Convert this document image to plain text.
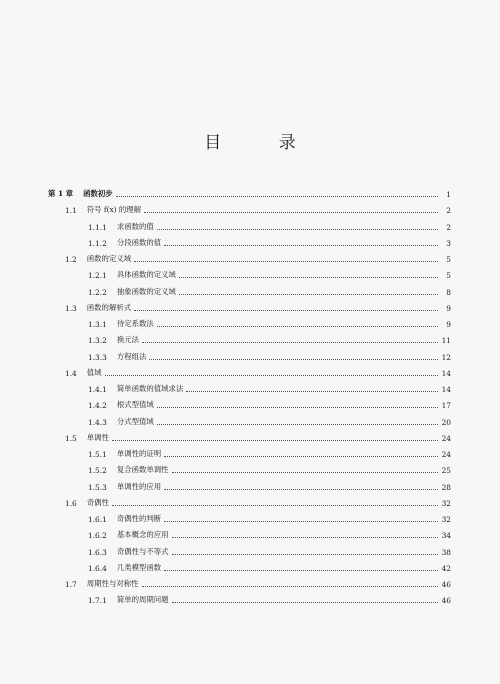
目 录
第 1 章 函数初步	1
1.1 符号 f(x) 的理解	2
1.1.1 求函数的值	2
1.1.2 分段函数的值	3
1.2 函数的定义域	5
1.2.1 具体函数的定义域	5
1.2.2 抽象函数的定义域	8
1.3 函数的解析式	9
1.3.1 待定系数法	9
1.3.2 换元法	11
1.3.3 方程组法	12
1.4 值域	14
1.4.1 简单函数的值域求法	14
1.4.2 根式型值域	17
1.4.3 分式型值域	20
1.5 单调性	24
1.5.1 单调性的证明	24
1.5.2 复合函数单调性	25
1.5.3 单调性的应用	28
1.6 奇偶性	32
1.6.1 奇偶性的判断	32
1.6.2 基本概念的应用	34
1.6.3 奇偶性与不等式	38
1.6.4 几类模型函数	42
1.7 周期性与对称性	46
1.7.1 简单的周期问题	46
